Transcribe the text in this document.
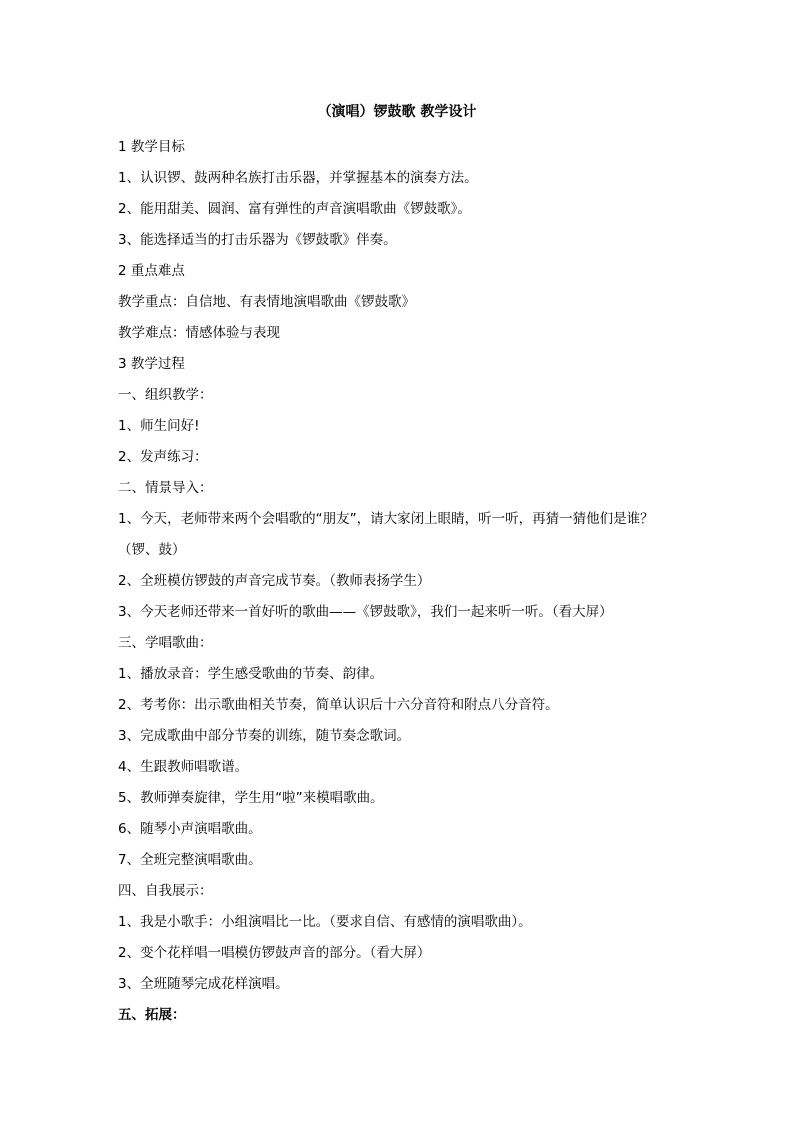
（演唱）锣鼓歌 教学设计
1 教学目标
1、认识锣、鼓两种名族打击乐器，并掌握基本的演奏方法。
2、能用甜美、圆润、富有弹性的声音演唱歌曲《锣鼓歌》。
3、能选择适当的打击乐器为《锣鼓歌》伴奏。
2 重点难点
教学重点：自信地、有表情地演唱歌曲《锣鼓歌》
教学难点：情感体验与表现
3 教学过程
一、组织教学：
1、师生问好!
2、发声练习：
二、情景导入：
1、今天，老师带来两个会唱歌的“朋友”，请大家闭上眼睛，听一听，再猜一猜他们是谁？
（锣、鼓）
2、全班模仿锣鼓的声音完成节奏。（教师表扬学生）
3、今天老师还带来一首好听的歌曲——《锣鼓歌》，我们一起来听一听。（看大屏）
三、学唱歌曲：
1、播放录音：学生感受歌曲的节奏、韵律。
2、考考你：出示歌曲相关节奏，简单认识后十六分音符和附点八分音符。
3、完成歌曲中部分节奏的训练，随节奏念歌词。
4、生跟教师唱歌谱。
5、教师弹奏旋律，学生用“啦”来模唱歌曲。
6、随琴小声演唱歌曲。
7、全班完整演唱歌曲。
四、自我展示：
1、我是小歌手：小组演唱比一比。（要求自信、有感情的演唱歌曲）。
2、变个花样唱一唱模仿锣鼓声音的部分。（看大屏）
3、全班随琴完成花样演唱。
五、拓展：
